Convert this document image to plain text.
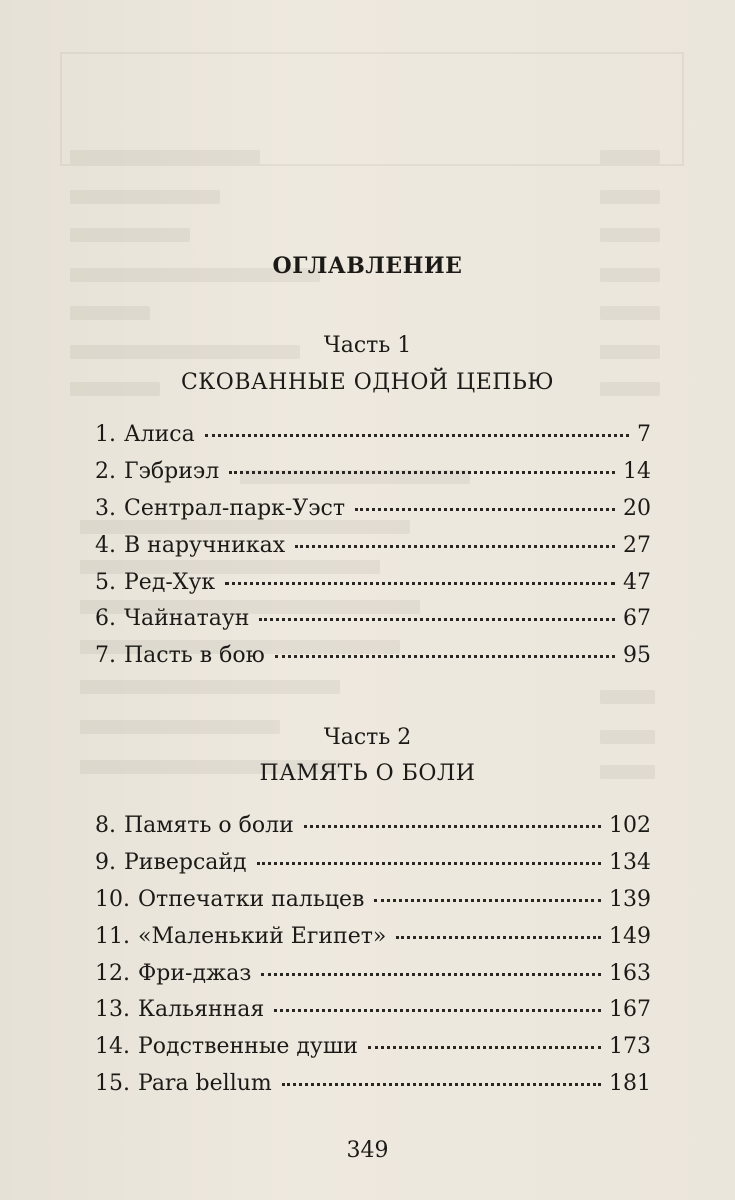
ОГЛАВЛЕНИЕ
Часть 1
СКОВАННЫЕ ОДНОЙ ЦЕПЬЮ
1. Алиса	7
2. Гэбриэл	14
3. Сентрал-парк-Уэст	20
4. В наручниках	27
5. Ред-Хук	47
6. Чайнатаун	67
7. Пасть в бою	95
Часть 2
ПАМЯТЬ О БОЛИ
8. Память о боли	102
9. Риверсайд	134
10. Отпечатки пальцев	139
11. «Маленький Египет»	149
12. Фри-джаз	163
13. Кальянная	167
14. Родственные души	173
15. Para bellum	181
349
